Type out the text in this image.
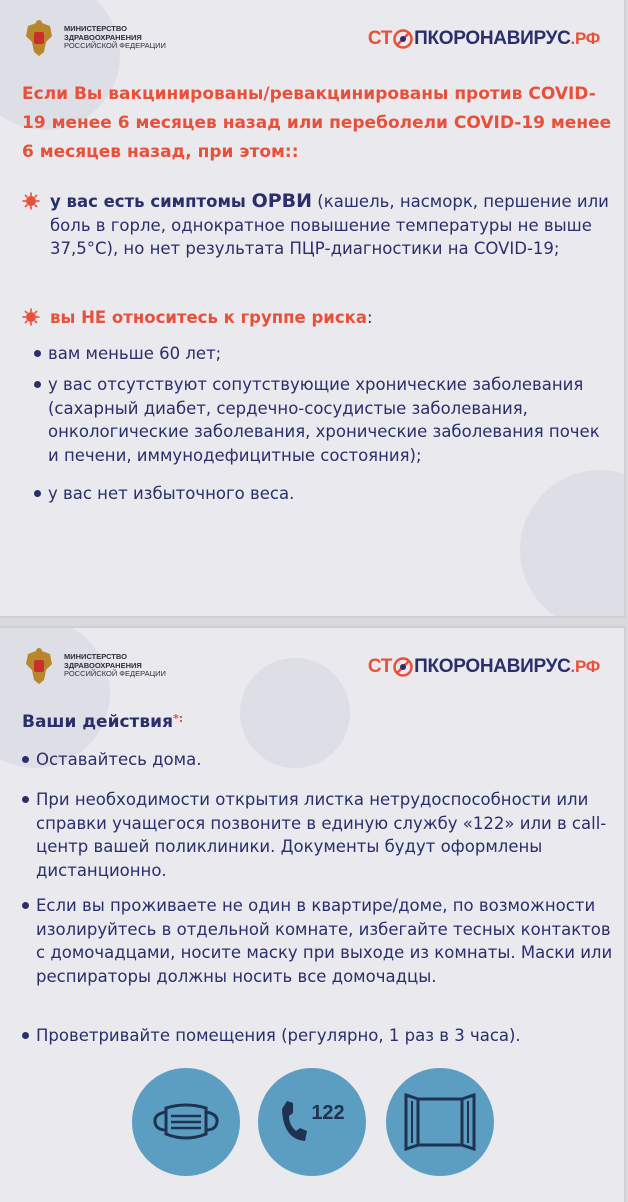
МИНИСТЕРСТВО
ЗДРАВООХРАНЕНИЯ
РОССИЙСКОЙ ФЕДЕРАЦИИ	СТ ПКОРОНАВИРУС .РФ
Если Вы вакцинированы/ревакцинированы против COVID-19 менее 6 месяцев назад или переболели COVID-19 менее 6 месяцев назад, при этом::
у вас есть симптомы ОРВИ (кашель, насморк, першение или боль в горле, однократное повышение температуры не выше 37,5°С), но нет результата ПЦР-диагностики на COVID-19;
вы НЕ относитесь к группе риска:
вам меньше 60 лет;
у вас отсутствуют сопутствующие хронические заболевания (сахарный диабет, сердечно-сосудистые заболевания, онкологические заболевания, хронические заболевания почек и печени, иммунодефицитные состояния);
у вас нет избыточного веса.
МИНИСТЕРСТВО
ЗДРАВООХРАНЕНИЯ
РОССИЙСКОЙ ФЕДЕРАЦИИ	СТ ПКОРОНАВИРУС .РФ
Ваши действия*:
Оставайтесь дома.
При необходимости открытия листка нетрудоспособности или справки учащегося позвоните в единую службу «122» или в call-центр вашей поликлиники. Документы будут оформлены дистанционно.
Если вы проживаете не один в квартире/доме, по возможности изолируйтесь в отдельной комнате, избегайте тесных контактов с домочадцами, носите маску при выходе из комнаты. Маски или респираторы должны носить все домочадцы.
Проветривайте помещения (регулярно, 1 раз в 3 часа).
122
